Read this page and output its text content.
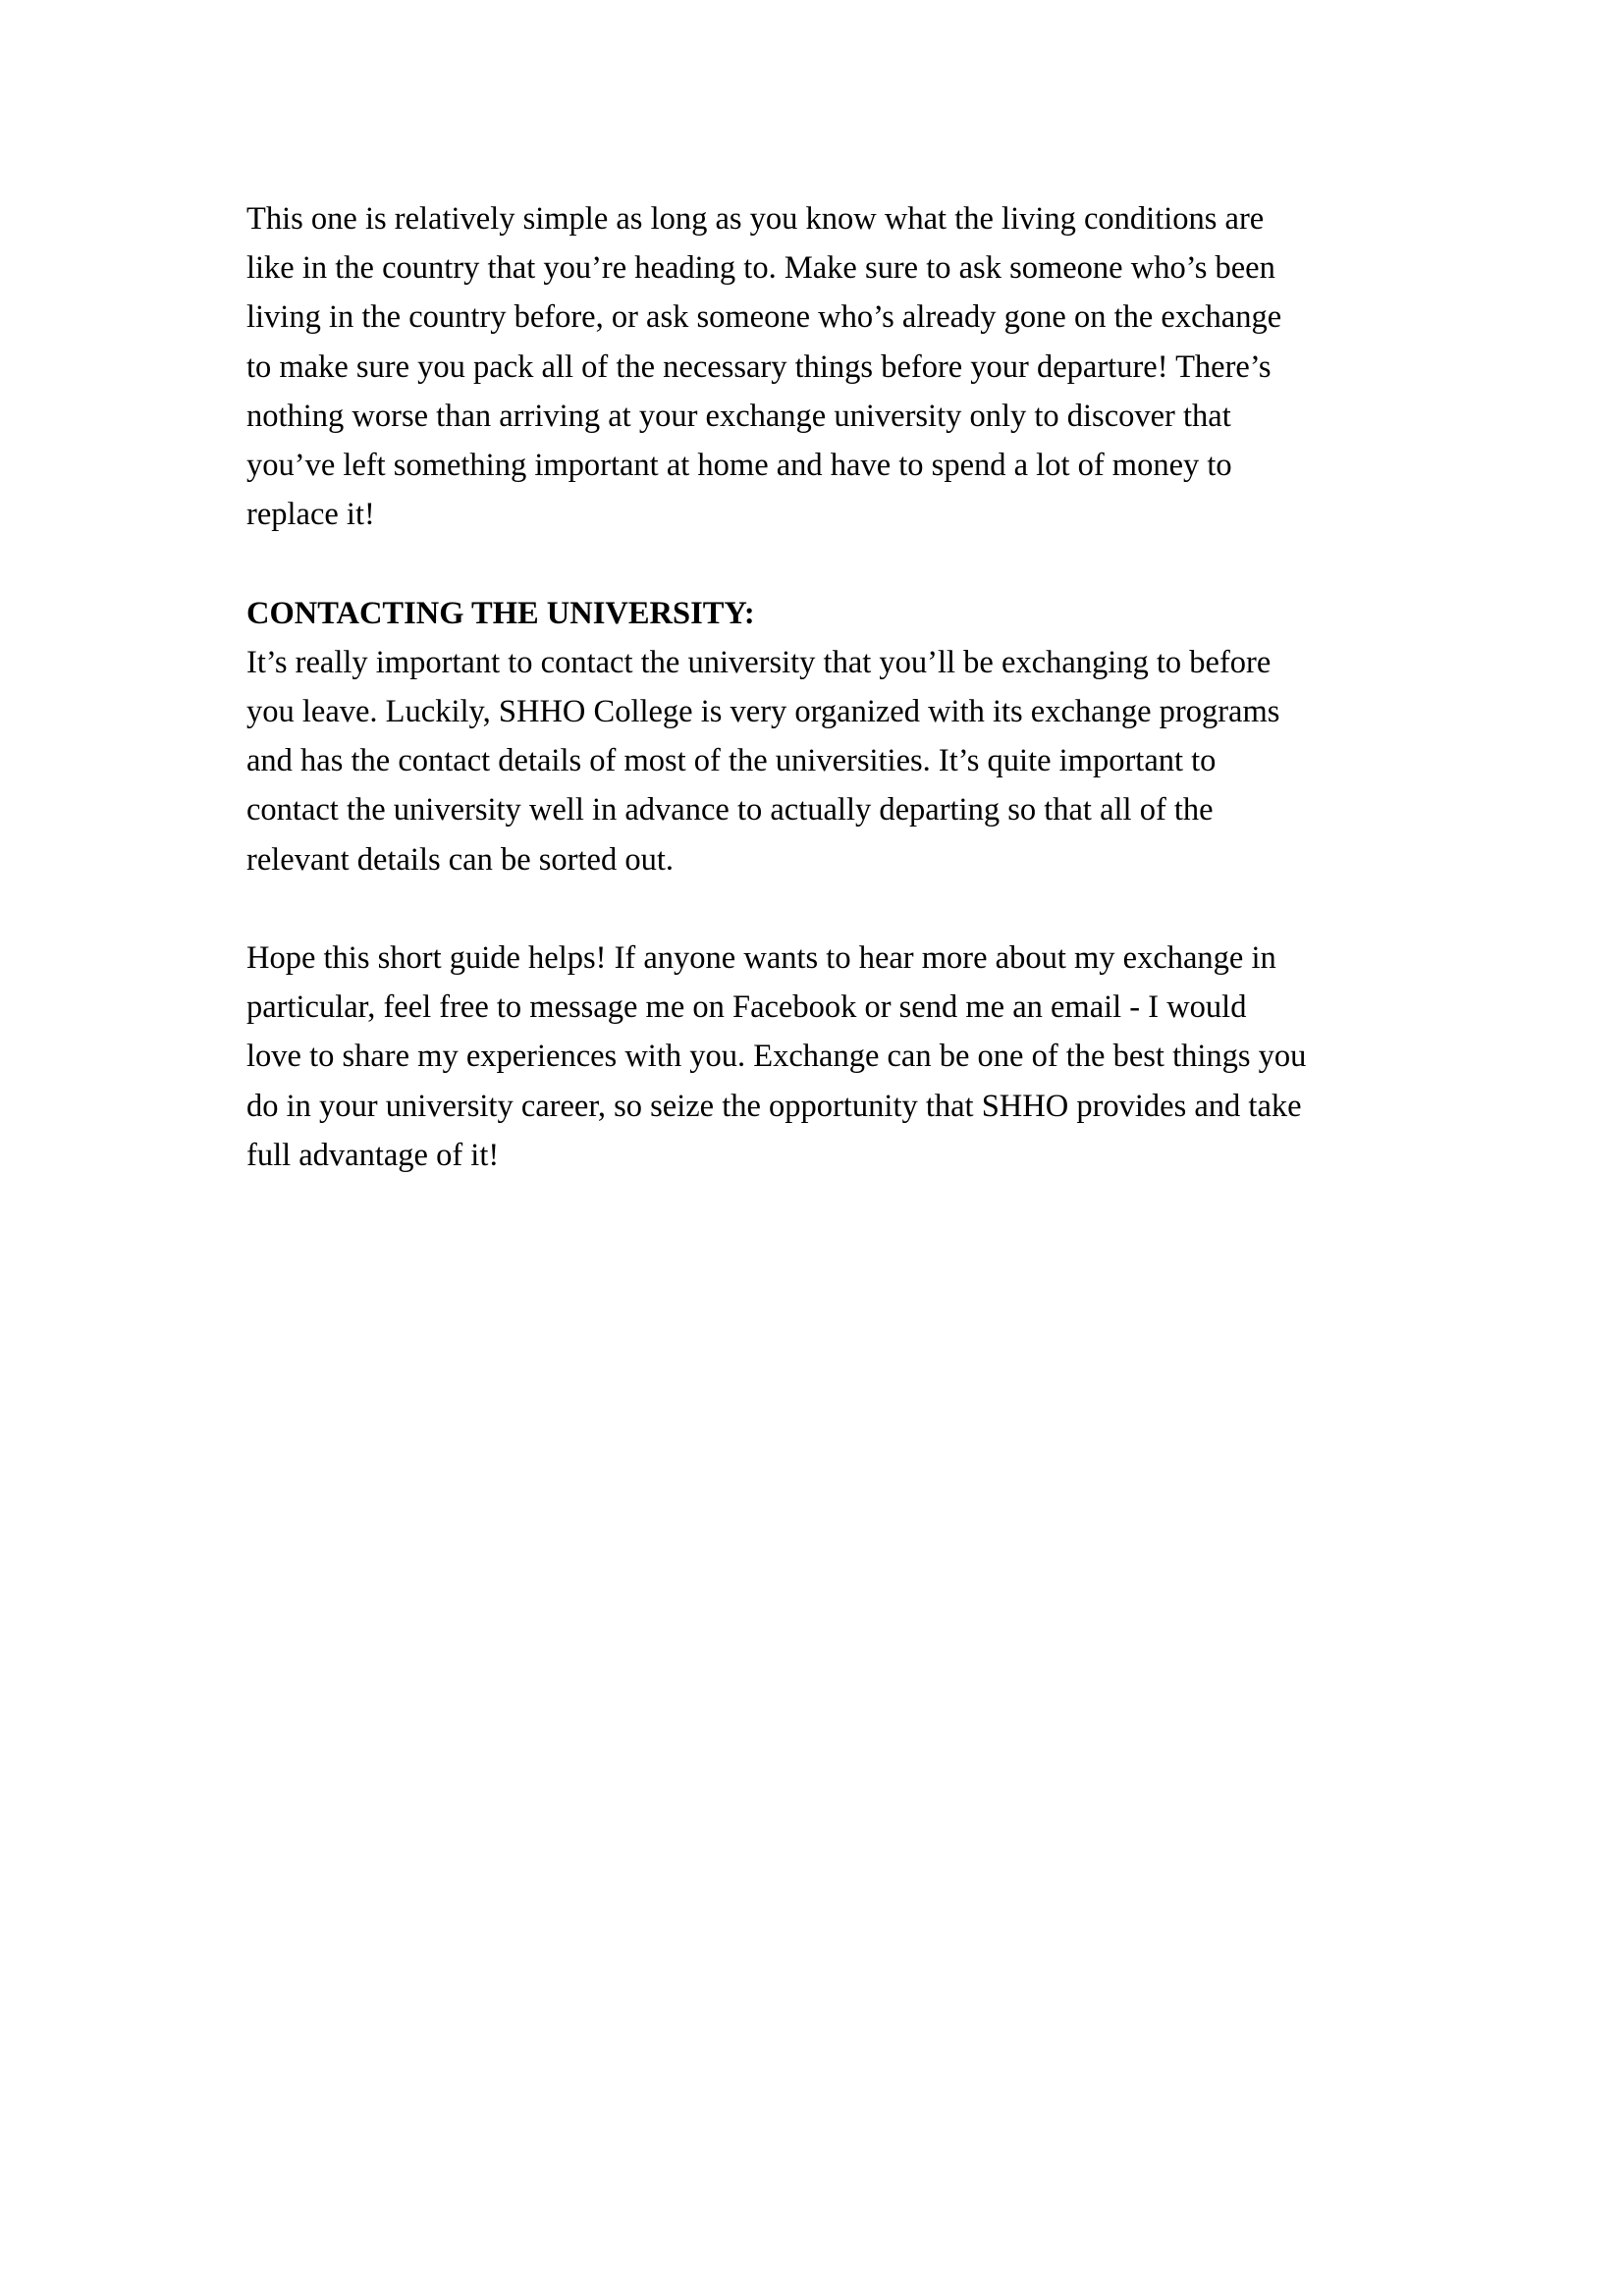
This one is relatively simple as long as you know what the living conditions are
like in the country that you’re heading to. Make sure to ask someone who’s been
living in the country before, or ask someone who’s already gone on the exchange
to make sure you pack all of the necessary things before your departure! There’s
nothing worse than arriving at your exchange university only to discover that
you’ve left something important at home and have to spend a lot of money to
replace it!
CONTACTING THE UNIVERSITY:
It’s really important to contact the university that you’ll be exchanging to before
you leave. Luckily, SHHO College is very organized with its exchange programs
and has the contact details of most of the universities. It’s quite important to
contact the university well in advance to actually departing so that all of the
relevant details can be sorted out.
Hope this short guide helps! If anyone wants to hear more about my exchange in
particular, feel free to message me on Facebook or send me an email - I would
love to share my experiences with you. Exchange can be one of the best things you
do in your university career, so seize the opportunity that SHHO provides and take
full advantage of it!
